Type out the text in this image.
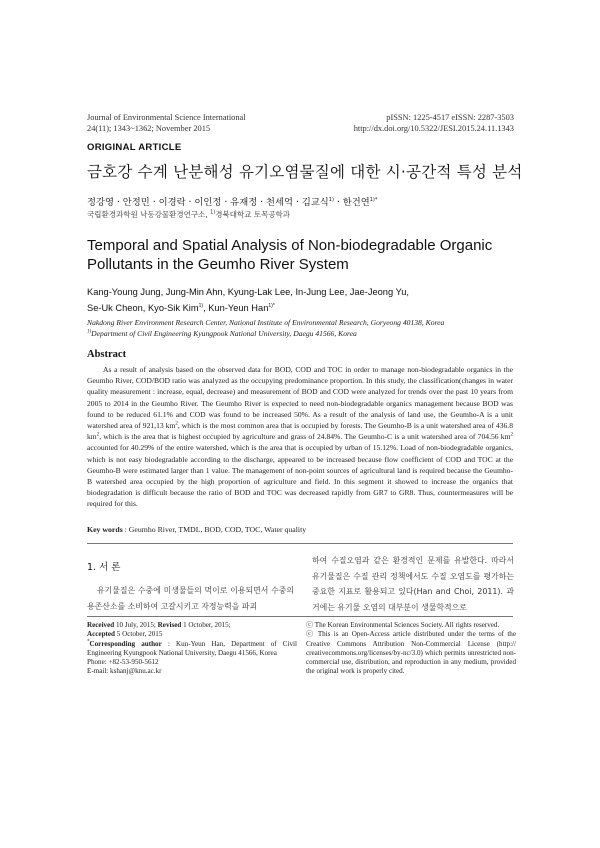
Journal of Environmental Science International
24(11); 1343~1362; November 2015
pISSN: 1225-4517 eISSN: 2287-3503
http://dx.doi.org/10.5322/JESI.2015.24.11.1343
ORIGINAL ARTICLE
금호강 수계 난분해성 유기오염물질에 대한 시·공간적 특성 분석
정강영 · 안정민 · 이경락 · 이인정 · 유재정 · 천세억 · 김교식$^{1)}$ · 한건연$^{1)*}$
국립환경과학원 낙동강물환경연구소, $^{1)}$경북대학교 토목공학과
Temporal and Spatial Analysis of Non-biodegradable Organic Pollutants in the Geumho River System
Kang-Young Jung, Jung-Min Ahn, Kyung-Lak Lee, In-Jung Lee, Jae-Jeong Yu,
Se-Uk Cheon, Kyo-Sik Kim$^{1)}$, Kun-Yeun Han$^{1)*}$
Nakdong River Environment Research Center, National Institute of Environmental Research, Goryeong 40138, Korea
$^{1)}$Department of Civil Engineering Kyungpook National University, Daegu 41566, Korea
Abstract
As a result of analysis based on the observed data for BOD, COD and TOC in order to manage non-biodegradable organics in the Geumho River, COD/BOD ratio was analyzed as the occupying predominance proportion. In this study, the classification(changes in water quality measurement : increase, equal, decrease) and measurement of BOD and COD were analyzed for trends over the past 10 years from 2005 to 2014 in the Geumho River. The Geumho River is expected to need non-biodegradable organics management because BOD was found to be reduced 61.1% and COD was found to be increased 50%. As a result of the analysis of land use, the Geumho-A is a unit watershed area of 921,13 $km^2$, which is the most common area that is occupied by forests. The Geumho-B is a unit watershed area of 436.8 $km^2$, which is the area that is highest occupied by agriculture and grass of 24.84%. The Geumho-C is a unit watershed area of 704.56 $km^2$ accounted for 40.29% of the entire watershed, which is the area that is occupied by urban of 15.12%. Load of non-biodegradable organics, which is not easy biodegradable according to the discharge, appeared to be increased because flow coefficient of COD and TOC at the Geumho-B were estimated larger than 1 value. The management of non-point sources of agricultural land is required because the Geumho-B watershed area occupied by the high proportion of agriculture and field. In this segment it showed to increase the organics that biodegradation is difficult because the ratio of BOD and TOC was decreased rapidly from GR7 to GR8. Thus, countermeasures will be required for this.
Key words : Geumho River, TMDL, BOD, COD, TOC, Water quality
1. 서 론
유기물질은 수중에 미생물들의 먹이로 이용되면서 수중의 용존산소를 소비하여 고갈시키고 자정능력을 파괴
하여 수질오염과 같은 환경적인 문제를 유발한다. 따라서 유기물질은 수질 관리 정책에서도 수질 오염도를 평가하는 중요한 지표로 활용되고 있다(Han and Choi, 2011). 과거에는 유기물 오염의 대부분이 생물학적으로
Received 10 July, 2015; Revised 1 October, 2015;
Accepted 5 October, 2015
*Corresponding author : Kun-Yeun Han, Department of Civil Engineering Kyungpook National University, Daegu 41566, Korea
Phone: +82-53-950-5612
E-mail: kshanj@knu.ac.kr
ⓒ The Korean Environmental Sciences Society. All rights reserved.
ⓒ This is an Open-Access article distributed under the terms of the Creative Commons Attribution Non-Commercial License (http:// creativecommons.org/licenses/by-nc/3.0) which permits unrestricted non-commercial use, distribution, and reproduction in any medium, provided the original work is properly cited.
